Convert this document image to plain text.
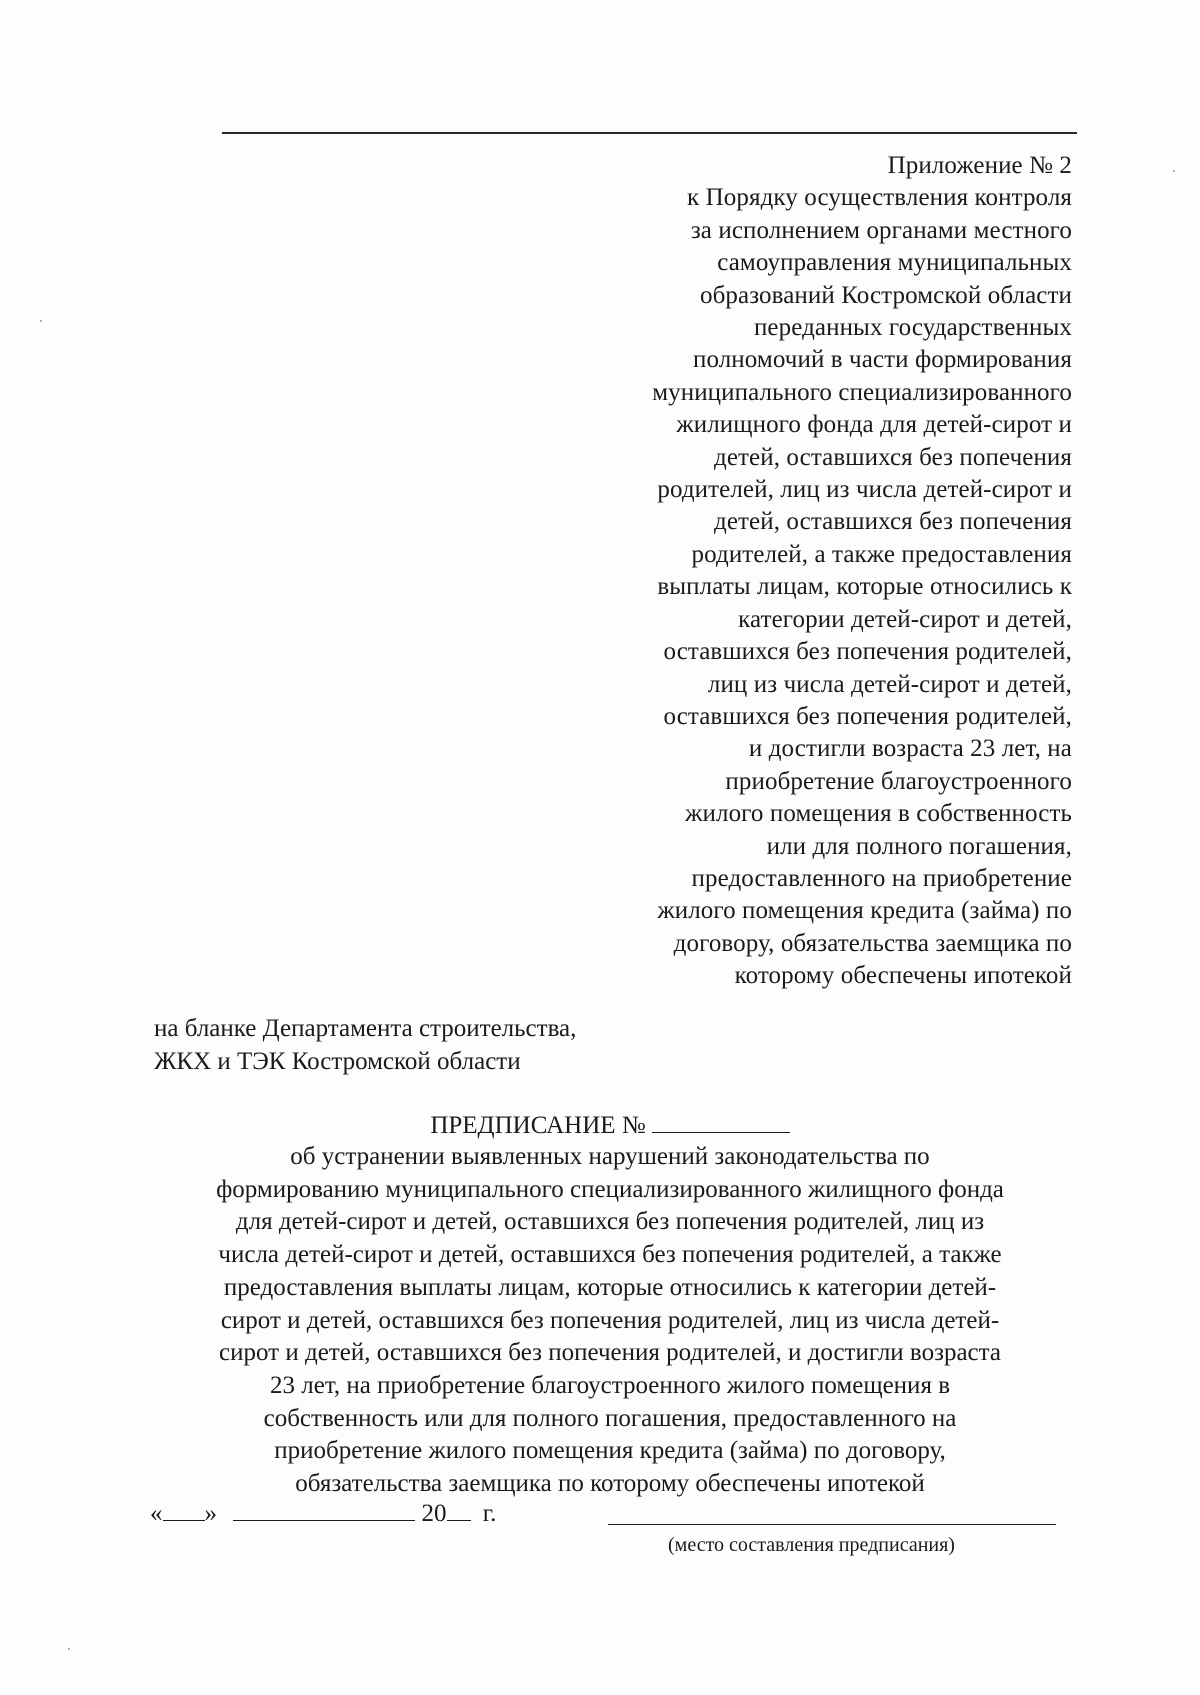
Приложение № 2
к Порядку осуществления контроля
за исполнением органами местного
самоуправления муниципальных
образований Костромской области
переданных государственных
полномочий в части формирования
муниципального специализированного
жилищного фонда для детей-сирот и
детей, оставшихся без попечения
родителей, лиц из числа детей-сирот и
детей, оставшихся без попечения
родителей, а также предоставления
выплаты лицам, которые относились к
категории детей-сирот и детей,
оставшихся без попечения родителей,
лиц из числа детей-сирот и детей,
оставшихся без попечения родителей,
и достигли возраста 23 лет, на
приобретение благоустроенного
жилого помещения в собственность
или для полного погашения,
предоставленного на приобретение
жилого помещения кредита (займа) по
договору, обязательства заемщика по
которому обеспечены ипотекой
на бланке Департамента строительства,
ЖКХ и ТЭК Костромской области
ПРЕДПИСАНИЕ №
об устранении выявленных нарушений законодательства по
формированию муниципального специализированного жилищного фонда
для детей-сирот и детей, оставшихся без попечения родителей, лиц из
числа детей-сирот и детей, оставшихся без попечения родителей, а также
предоставления выплаты лицам, которые относились к категории детей-
сирот и детей, оставшихся без попечения родителей, лиц из числа детей-
сирот и детей, оставшихся без попечения родителей, и достигли возраста
23 лет, на приобретение благоустроенного жилого помещения в
собственность или для полного погашения, предоставленного на
приобретение жилого помещения кредита (займа) по договору,
обязательства заемщика по которому обеспечены ипотекой
« »	20 г.
(место составления предписания)
